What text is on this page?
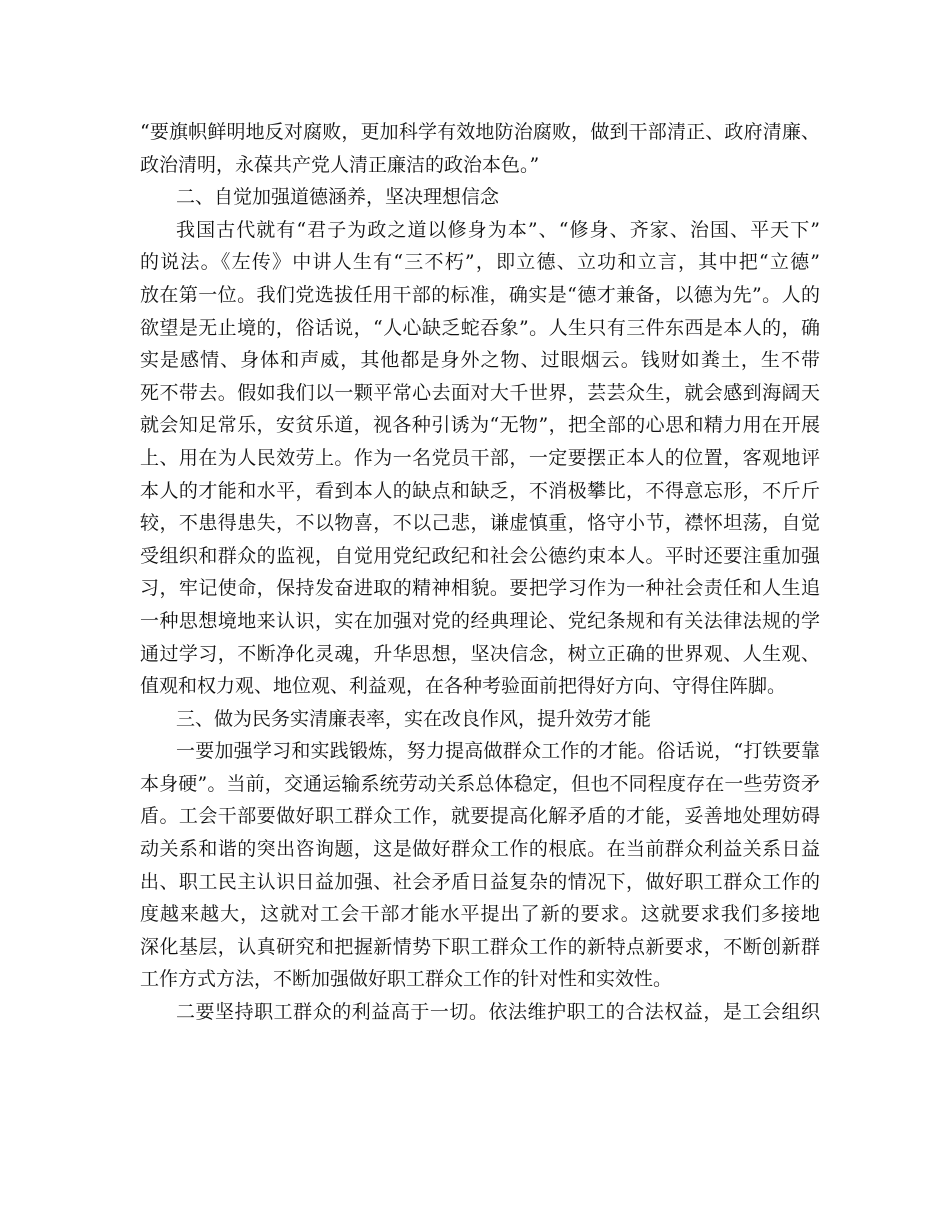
“要旗帜鲜明地反对腐败，更加科学有效地防治腐败，做到干部清正、政府清廉、
政治清明，永葆共产党人清正廉洁的政治本色。”
二、自觉加强道德涵养，坚决理想信念
我国古代就有“君子为政之道以修身为本”、“修身、齐家、治国、平天下”
的说法。《左传》中讲人生有“三不朽”，即立德、立功和立言，其中把“立德”
放在第一位。我们党选拔任用干部的标准，确实是“德才兼备，以德为先”。人的
欲望是无止境的，俗话说，“人心缺乏蛇吞象”。人生只有三件东西是本人的，确
实是感情、身体和声威，其他都是身外之物、过眼烟云。钱财如粪土，生不带
死不带去。假如我们以一颗平常心去面对大千世界，芸芸众生，就会感到海阔天
就会知足常乐，安贫乐道，视各种引诱为“无物”，把全部的心思和精力用在开展
上、用在为人民效劳上。作为一名党员干部，一定要摆正本人的位置，客观地评
本人的才能和水平，看到本人的缺点和缺乏，不消极攀比，不得意忘形，不斤斤
较，不患得患失，不以物喜，不以己悲，谦虚慎重，恪守小节，襟怀坦荡，自觉
受组织和群众的监视，自觉用党纪政纪和社会公德约束本人。平时还要注重加强
习，牢记使命，保持发奋进取的精神相貌。要把学习作为一种社会责任和人生追
一种思想境地来认识，实在加强对党的经典理论、党纪条规和有关法律法规的学
通过学习，不断净化灵魂，升华思想，坚决信念，树立正确的世界观、人生观、
值观和权力观、地位观、利益观，在各种考验面前把得好方向、守得住阵脚。
三、做为民务实清廉表率，实在改良作风，提升效劳才能
一要加强学习和实践锻炼，努力提高做群众工作的才能。俗话说，“打铁要靠
本身硬”。当前，交通运输系统劳动关系总体稳定，但也不同程度存在一些劳资矛
盾。工会干部要做好职工群众工作，就要提高化解矛盾的才能，妥善地处理妨碍
动关系和谐的突出咨询题，这是做好群众工作的根底。在当前群众利益关系日益
出、职工民主认识日益加强、社会矛盾日益复杂的情况下，做好职工群众工作的
度越来越大，这就对工会干部才能水平提出了新的要求。这就要求我们多接地
深化基层，认真研究和把握新情势下职工群众工作的新特点新要求，不断创新群
工作方式方法，不断加强做好职工群众工作的针对性和实效性。
二要坚持职工群众的利益高于一切。依法维护职工的合法权益，是工会组织
